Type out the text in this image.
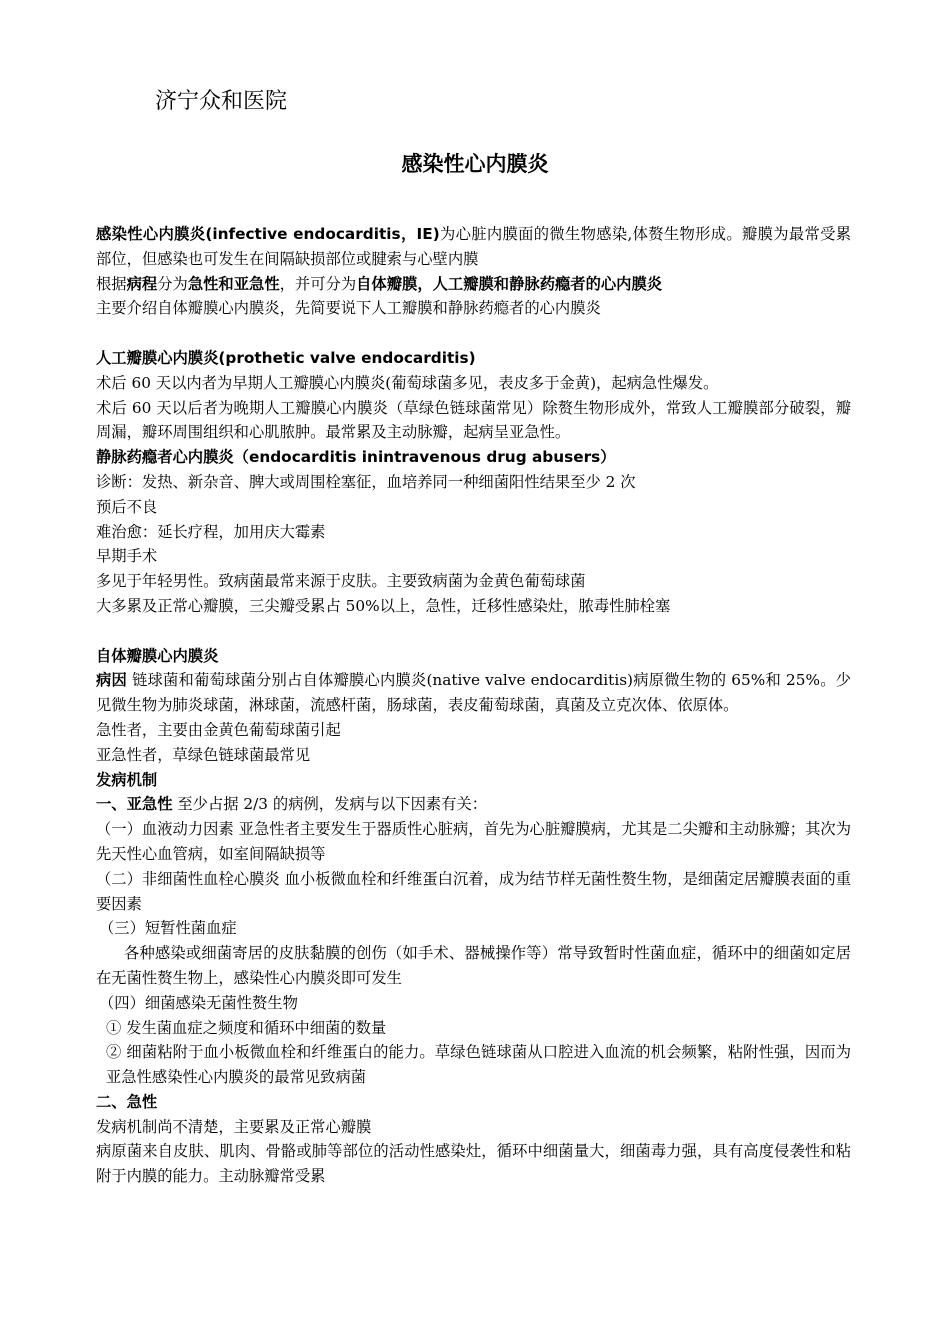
济宁众和医院
感染性心内膜炎

感染性心内膜炎(infective endocarditis，IE)为心脏内膜面的微生物感染,体赘生物形成。瓣膜为最常受累部位，但感染也可发生在间隔缺损部位或腱索与心壁内膜

根据病程分为急性和亚急性，并可分为自体瓣膜，人工瓣膜和静脉药瘾者的心内膜炎

主要介绍自体瓣膜心内膜炎，先简要说下人工瓣膜和静脉药瘾者的心内膜炎

人工瓣膜心内膜炎(prothetic valve endocarditis)

术后 60 天以内者为早期人工瓣膜心内膜炎(葡萄球菌多见，表皮多于金黄)，起病急性爆发。

术后 60 天以后者为晚期人工瓣膜心内膜炎（草绿色链球菌常见）除赘生物形成外，常致人工瓣膜部分破裂，瓣周漏，瓣环周围组织和心肌脓肿。最常累及主动脉瓣，起病呈亚急性。

静脉药瘾者心内膜炎（endocarditis inintravenous drug abusers）

诊断：发热、新杂音、脾大或周围栓塞征，血培养同一种细菌阳性结果至少 2 次

预后不良

难治愈：延长疗程，加用庆大霉素

早期手术

多见于年轻男性。致病菌最常来源于皮肤。主要致病菌为金黄色葡萄球菌

大多累及正常心瓣膜，三尖瓣受累占 50%以上，急性，迁移性感染灶，脓毒性肺栓塞

自体瓣膜心内膜炎

病因 链球菌和葡萄球菌分别占自体瓣膜心内膜炎(native valve endocarditis)病原微生物的 65%和 25%。少见微生物为肺炎球菌，淋球菌，流感杆菌，肠球菌，表皮葡萄球菌，真菌及立克次体、依原体。

急性者，主要由金黄色葡萄球菌引起

亚急性者，草绿色链球菌最常见

发病机制

一、亚急性 至少占据 2/3 的病例，发病与以下因素有关：

（一）血液动力因素 亚急性者主要发生于器质性心脏病，首先为心脏瓣膜病，尤其是二尖瓣和主动脉瓣；其次为先天性心血管病，如室间隔缺损等

（二）非细菌性血栓心膜炎 血小板微血栓和纤维蛋白沉着，成为结节样无菌性赘生物，是细菌定居瓣膜表面的重要因素

（三）短暂性菌血症

各种感染或细菌寄居的皮肤黏膜的创伤（如手术、器械操作等）常导致暂时性菌血症，循环中的细菌如定居在无菌性赘生物上，感染性心内膜炎即可发生

（四）细菌感染无菌性赘生物

① 发生菌血症之频度和循环中细菌的数量

② 细菌粘附于血小板微血栓和纤维蛋白的能力。草绿色链球菌从口腔进入血流的机会频繁，粘附性强，因而为亚急性感染性心内膜炎的最常见致病菌

二、急性

发病机制尚不清楚，主要累及正常心瓣膜

病原菌来自皮肤、肌肉、骨骼或肺等部位的活动性感染灶，循环中细菌量大，细菌毒力强，具有高度侵袭性和粘附于内膜的能力。主动脉瓣常受累
